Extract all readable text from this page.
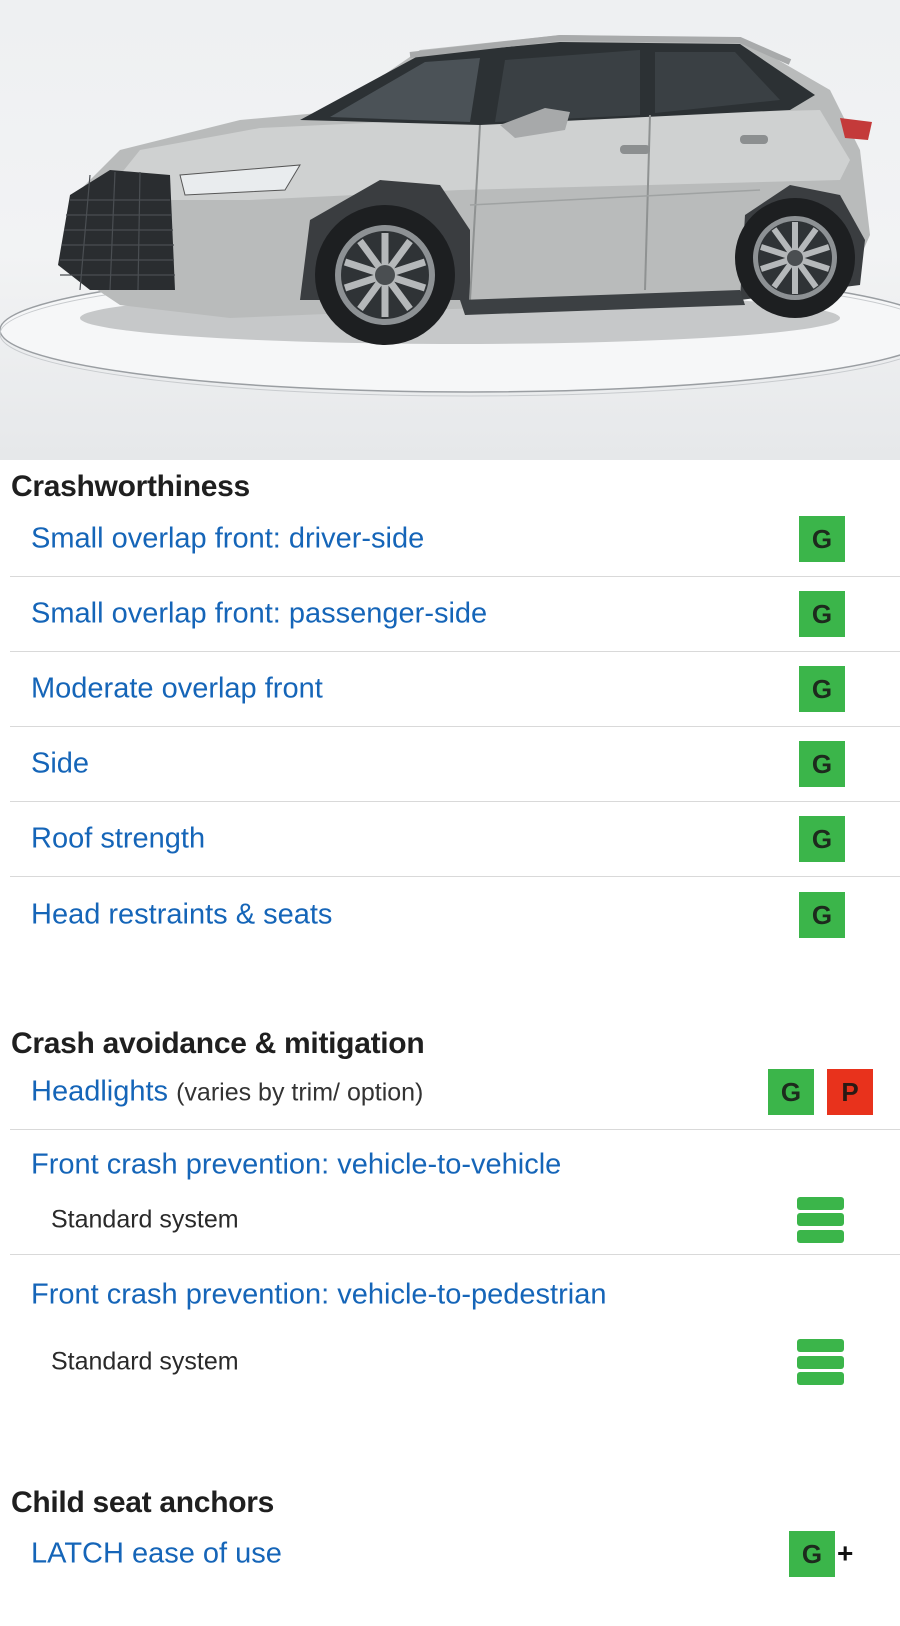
Crashworthiness
Small overlap front: driver-side	G
Small overlap front: passenger-side	G
Moderate overlap front	G
Side	G
Roof strength	G
Head restraints & seats	G
Crash avoidance & mitigation
Headlights (varies by trim/ option)	G	P
Front crash prevention: vehicle-to-vehicle
Standard system
Front crash prevention: vehicle-to-pedestrian
Standard system
Child seat anchors
LATCH ease of use	G +
